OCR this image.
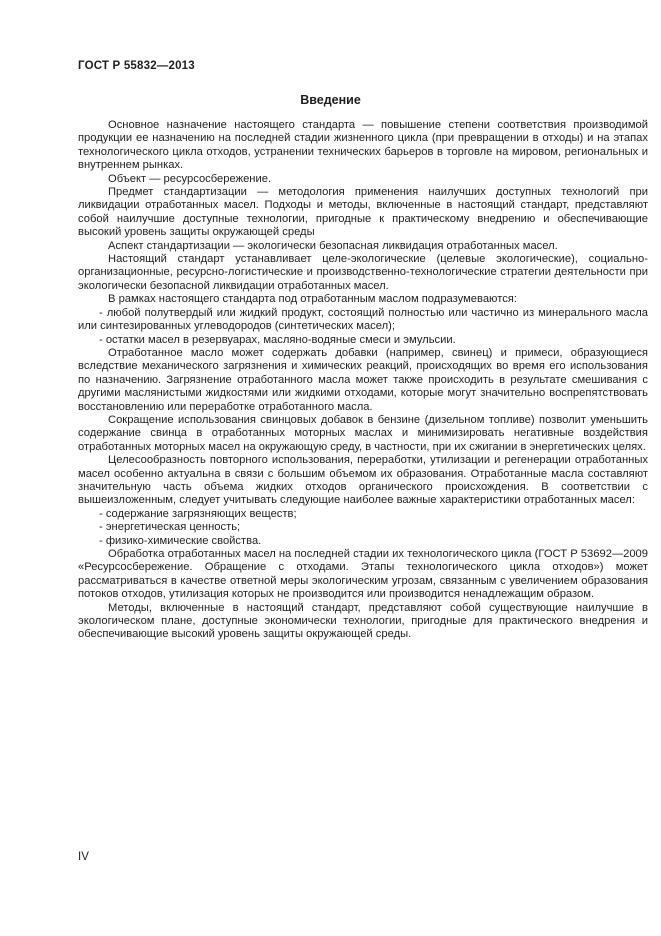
ГОСТ Р 55832—2013
Введение

Основное назначение настоящего стандарта — повышение степени соответствия производимой продукции ее назначению на последней стадии жизненного цикла (при превращении в отходы) и на этапах технологического цикла отходов, устранении технических барьеров в торговле на мировом, региональных и внутреннем рынках.

Объект — ресурсосбережение.

Предмет стандартизации — методология применения наилучших доступных технологий при ликвидации отработанных масел. Подходы и методы, включенные в настоящий стандарт, представляют собой наилучшие доступные технологии, пригодные к практическому внедрению и обеспечивающие высокий уровень защиты окружающей среды

Аспект стандартизации — экологически безопасная ликвидация отработанных масел.

Настоящий стандарт устанавливает целе-экологические (целевые экологические), социально-организационные, ресурсно-логистические и производственно-технологические стратегии деятельности при экологически безопасной ликвидации отработанных масел.

В рамках настоящего стандарта под отработанным маслом подразумеваются:

- любой полутвердый или жидкий продукт, состоящий полностью или частично из минерального масла или синтезированных углеводородов (синтетических масел);

- остатки масел в резервуарах, масляно-водяные смеси и эмульсии.

Отработанное масло может содержать добавки (например, свинец) и примеси, образующиеся вследствие механического загрязнения и химических реакций, происходящих во время его использования по назначению. Загрязнение отработанного масла может также происходить в результате смешивания с другими маслянистыми жидкостями или жидкими отходами, которые могут значительно воспрепятствовать восстановлению или переработке отработанного масла.

Сокращение использования свинцовых добавок в бензине (дизельном топливе) позволит уменьшить содержание свинца в отработанных моторных маслах и минимизировать негативные воздействия отработанных моторных масел на окружающую среду, в частности, при их сжигании в энергетических целях.

Целесообразность повторного использования, переработки, утилизации и регенерации отработанных масел особенно актуальна в связи с большим объемом их образования. Отработанные масла составляют значительную часть объема жидких отходов органического происхождения. В соответствии с вышеизложенным, следует учитывать следующие наиболее важные характеристики отработанных масел:

- содержание загрязняющих веществ;

- энергетическая ценность;

- физико-химические свойства.

Обработка отработанных масел на последней стадии их технологического цикла (ГОСТ Р 53692—2009 «Ресурсосбережение. Обращение с отходами. Этапы технологического цикла отходов») может рассматриваться в качестве ответной меры экологическим угрозам, связанным с увеличением образования потоков отходов, утилизация которых не производится или производится ненадлежащим образом.

Методы, включенные в настоящий стандарт, представляют собой существующие наилучшие в экологическом плане, доступные экономически технологии, пригодные для практического внедрения и обеспечивающие высокий уровень защиты окружающей среды.

IV
